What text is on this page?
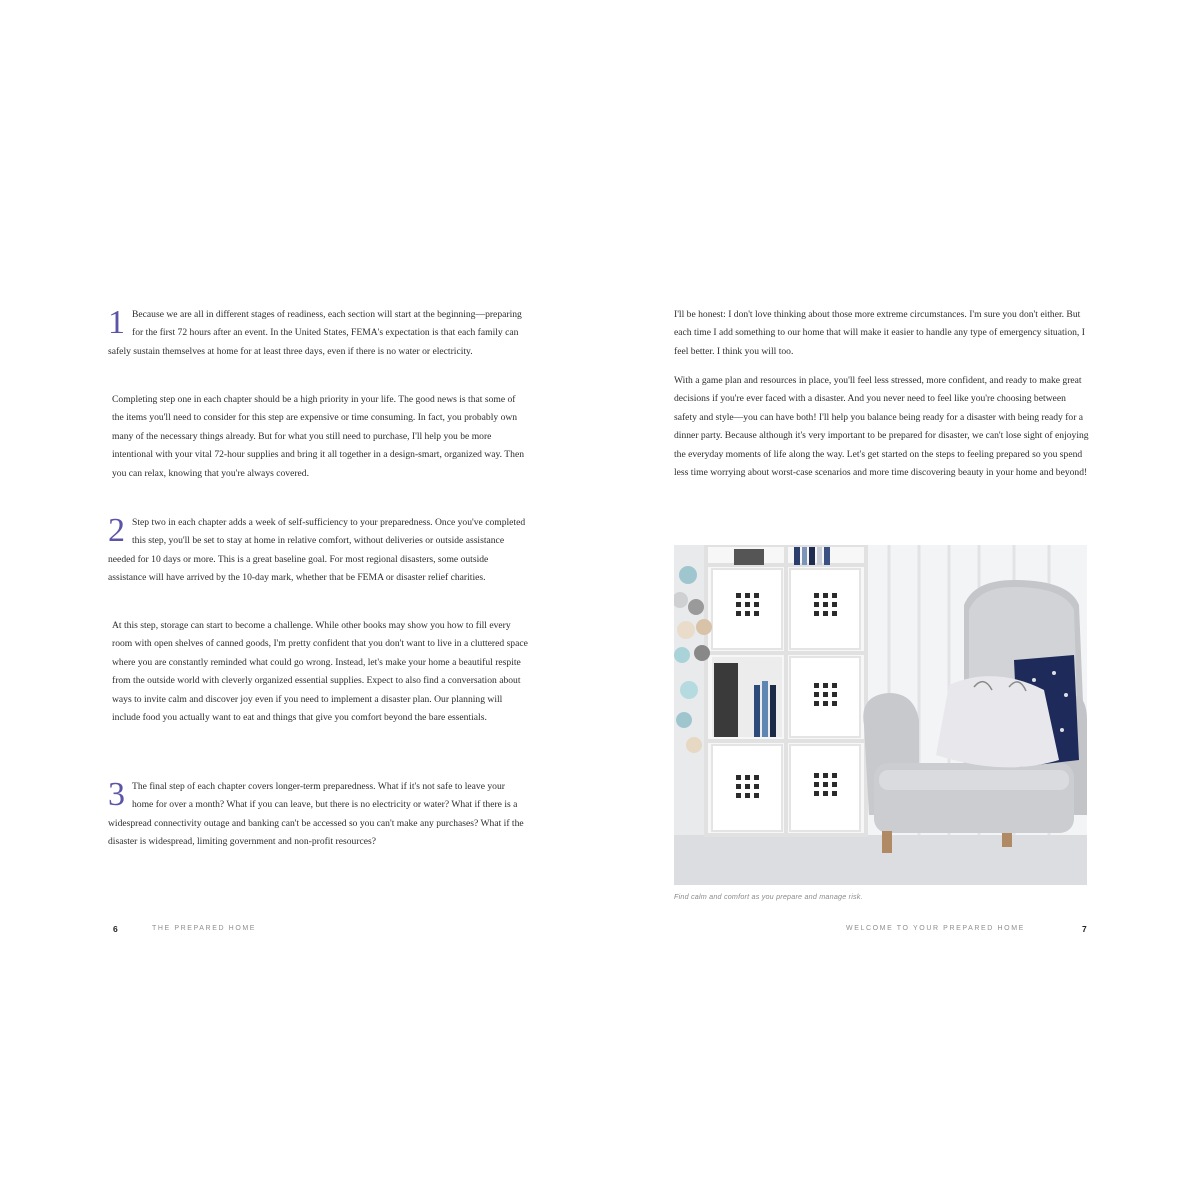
1 Because we are all in different stages of readiness, each section will start at the beginning—preparing for the first 72 hours after an event. In the United States, FEMA's expectation is that each family can safely sustain themselves at home for at least three days, even if there is no water or electricity.

Completing step one in each chapter should be a high priority in your life. The good news is that some of the items you'll need to consider for this step are expensive or time consuming. In fact, you probably own many of the necessary things already. But for what you still need to purchase, I'll help you be more intentional with your vital 72-hour supplies and bring it all together in a design-smart, organized way. Then you can relax, knowing that you're always covered.

2 Step two in each chapter adds a week of self-sufficiency to your preparedness. Once you've completed this step, you'll be set to stay at home in relative comfort, without deliveries or outside assistance needed for 10 days or more. This is a great baseline goal. For most regional disasters, some outside assistance will have arrived by the 10-day mark, whether that be FEMA or disaster relief charities.

At this step, storage can start to become a challenge. While other books may show you how to fill every room with open shelves of canned goods, I'm pretty confident that you don't want to live in a cluttered space where you are constantly reminded what could go wrong. Instead, let's make your home a beautiful respite from the outside world with cleverly organized essential supplies. Expect to also find a conversation about ways to invite calm and discover joy even if you need to implement a disaster plan. Our planning will include food you actually want to eat and things that give you comfort beyond the bare essentials.

3 The final step of each chapter covers longer-term preparedness. What if it's not safe to leave your home for over a month? What if you can leave, but there is no electricity or water? What if there is a widespread connectivity outage and banking can't be accessed so you can't make any purchases? What if the disaster is widespread, limiting government and non-profit resources?

6	THE PREPARED HOME

I'll be honest: I don't love thinking about those more extreme circumstances. I'm sure you don't either. But each time I add something to our home that will make it easier to handle any type of emergency situation, I feel better. I think you will too.

With a game plan and resources in place, you'll feel less stressed, more confident, and ready to make great decisions if you're ever faced with a disaster. And you never need to feel like you're choosing between safety and style—you can have both! I'll help you balance being ready for a disaster with being ready for a dinner party. Because although it's very important to be prepared for disaster, we can't lose sight of enjoying the everyday moments of life along the way. Let's get started on the steps to feeling prepared so you spend less time worrying about worst-case scenarios and more time discovering beauty in your home and beyond!

Find calm and comfort as you prepare and manage risk.

WELCOME TO YOUR PREPARED HOME	7
